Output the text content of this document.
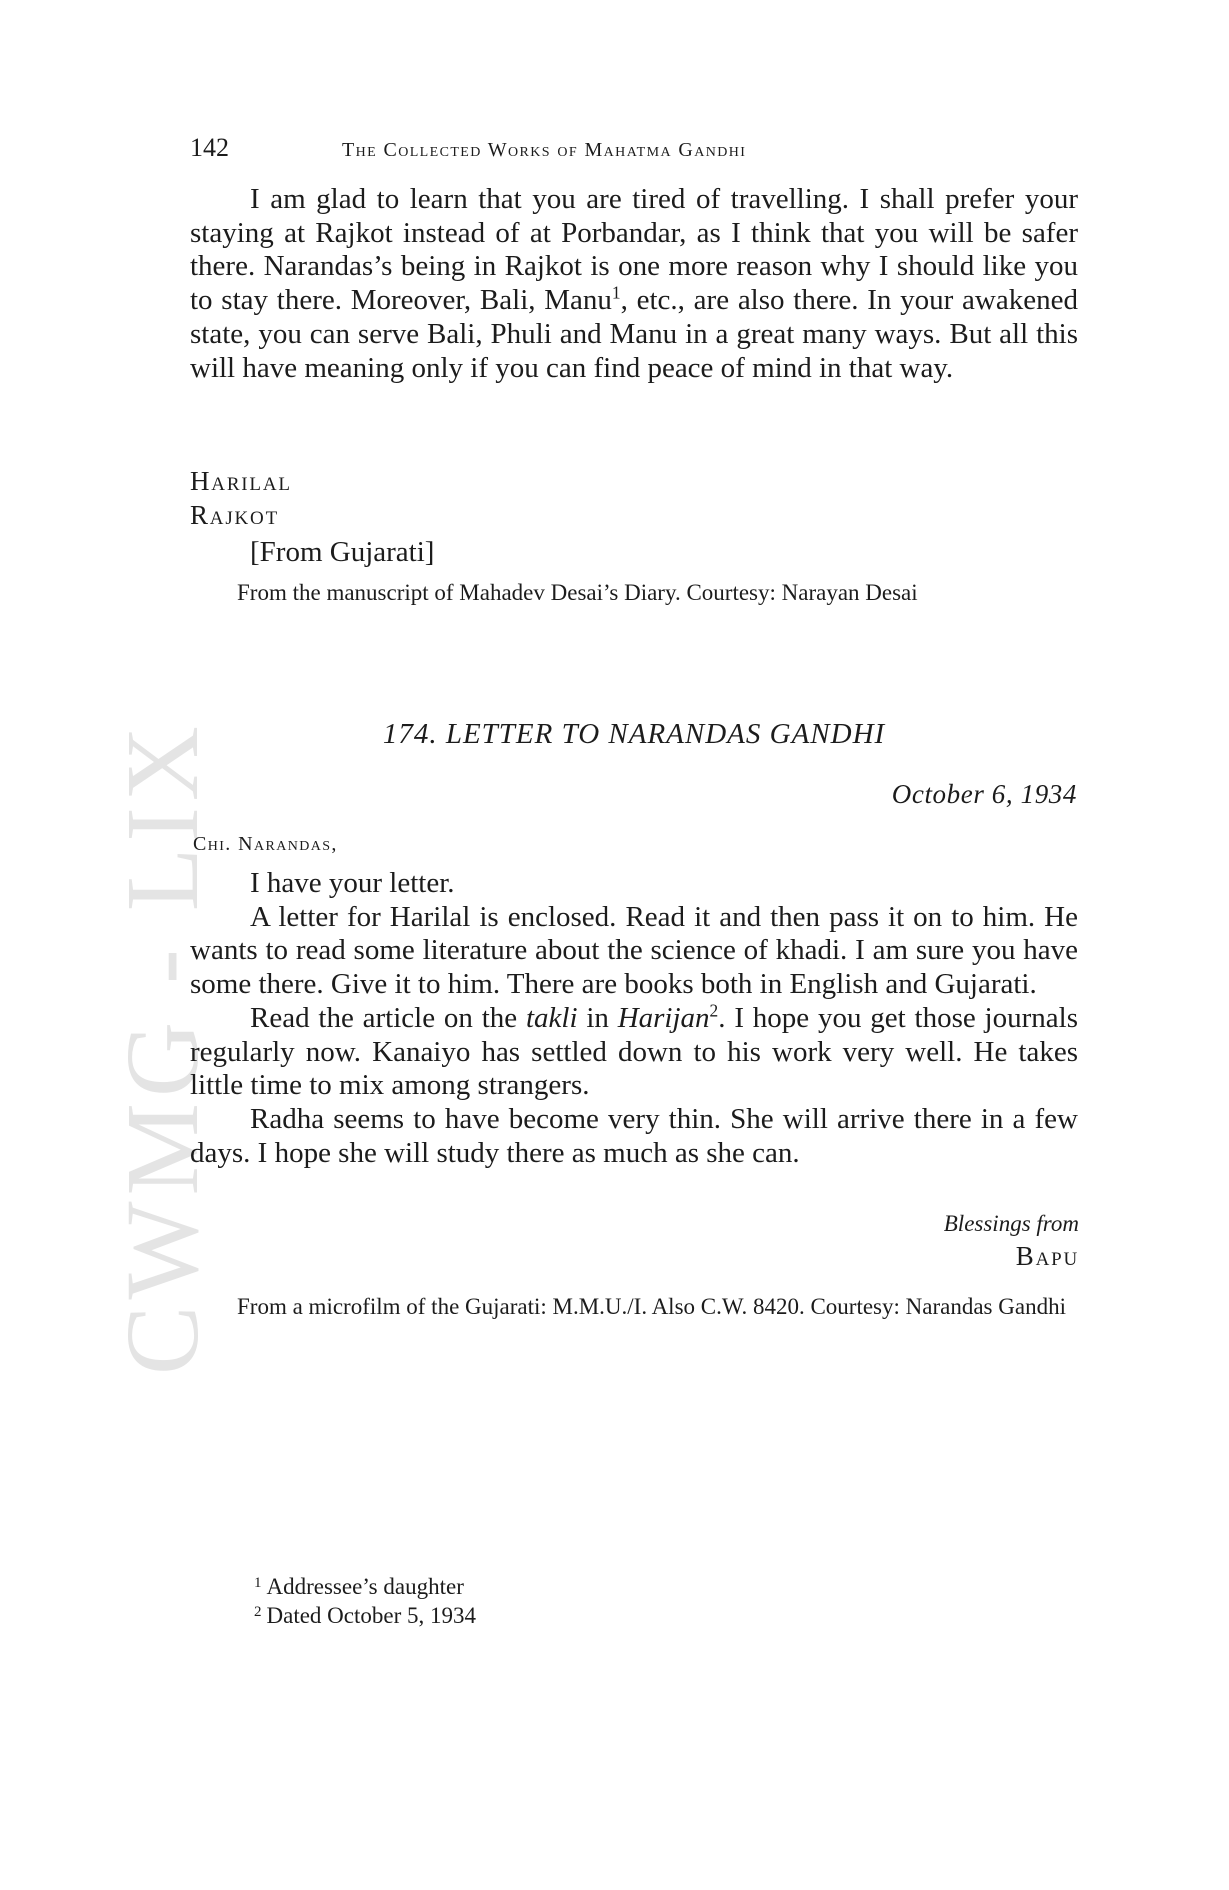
CWMG - LIX
142	The Collected Works of Mahatma Gandhi

I am glad to learn that you are tired of travelling. I shall prefer your staying at Rajkot instead of at Porbandar, as I think that you will be safer there. Narandas’s being in Rajkot is one more reason why I should like you to stay there. Moreover, Bali, Manu$^1$, etc., are also there. In your awakened state, you can serve Bali, Phuli and Manu in a great many ways. But all this will have meaning only if you can find peace of mind in that way.

Harilal
Rajkot
[From Gujarati]

From the manuscript of Mahadev Desai’s Diary. Courtesy: Narayan Desai

174. LETTER TO NARANDAS GANDHI
October 6, 1934
Chi. Narandas,

I have your letter.

A letter for Harilal is enclosed. Read it and then pass it on to him. He wants to read some literature about the science of khadi. I am sure you have some there. Give it to him. There are books both in English and Gujarati.

Read the article on the takli in Harijan$^2$. I hope you get those journals regularly now. Kanaiyo has settled down to his work very well. He takes little time to mix among strangers.

Radha seems to have become very thin. She will arrive there in a few days. I hope she will study there as much as she can.

Blessings from
Bapu

From a microfilm of the Gujarati: M.M.U./I. Also C.W. 8420. Courtesy: Narandas Gandhi

$^1$ Addressee’s daughter
$^2$ Dated October 5, 1934
